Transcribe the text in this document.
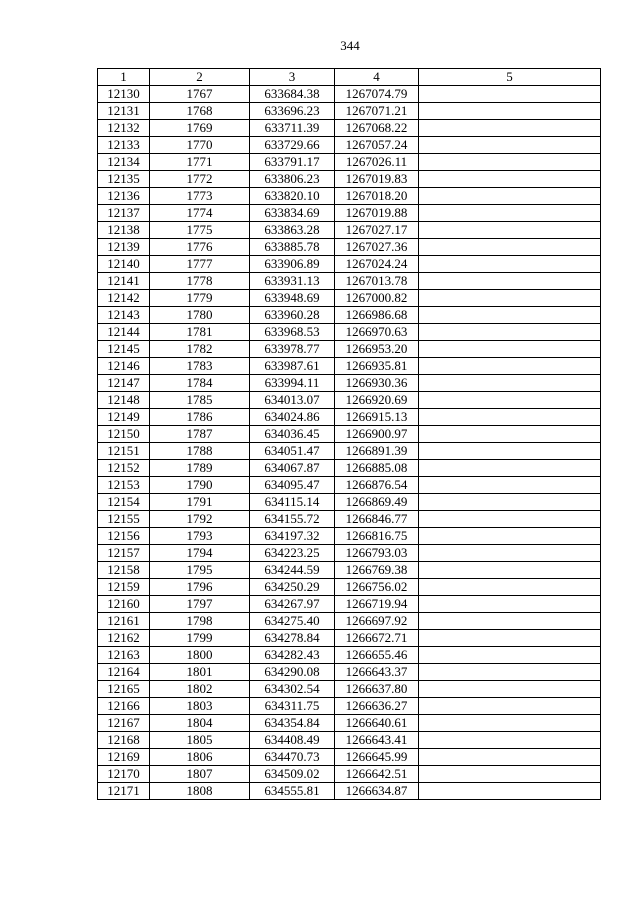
344
1	2	3	4	5
12130	1767	633684.38	1267074.79	
12131	1768	633696.23	1267071.21	
12132	1769	633711.39	1267068.22	
12133	1770	633729.66	1267057.24	
12134	1771	633791.17	1267026.11	
12135	1772	633806.23	1267019.83	
12136	1773	633820.10	1267018.20	
12137	1774	633834.69	1267019.88	
12138	1775	633863.28	1267027.17	
12139	1776	633885.78	1267027.36	
12140	1777	633906.89	1267024.24	
12141	1778	633931.13	1267013.78	
12142	1779	633948.69	1267000.82	
12143	1780	633960.28	1266986.68	
12144	1781	633968.53	1266970.63	
12145	1782	633978.77	1266953.20	
12146	1783	633987.61	1266935.81	
12147	1784	633994.11	1266930.36	
12148	1785	634013.07	1266920.69	
12149	1786	634024.86	1266915.13	
12150	1787	634036.45	1266900.97	
12151	1788	634051.47	1266891.39	
12152	1789	634067.87	1266885.08	
12153	1790	634095.47	1266876.54	
12154	1791	634115.14	1266869.49	
12155	1792	634155.72	1266846.77	
12156	1793	634197.32	1266816.75	
12157	1794	634223.25	1266793.03	
12158	1795	634244.59	1266769.38	
12159	1796	634250.29	1266756.02	
12160	1797	634267.97	1266719.94	
12161	1798	634275.40	1266697.92	
12162	1799	634278.84	1266672.71	
12163	1800	634282.43	1266655.46	
12164	1801	634290.08	1266643.37	
12165	1802	634302.54	1266637.80	
12166	1803	634311.75	1266636.27	
12167	1804	634354.84	1266640.61	
12168	1805	634408.49	1266643.41	
12169	1806	634470.73	1266645.99	
12170	1807	634509.02	1266642.51	
12171	1808	634555.81	1266634.87	
